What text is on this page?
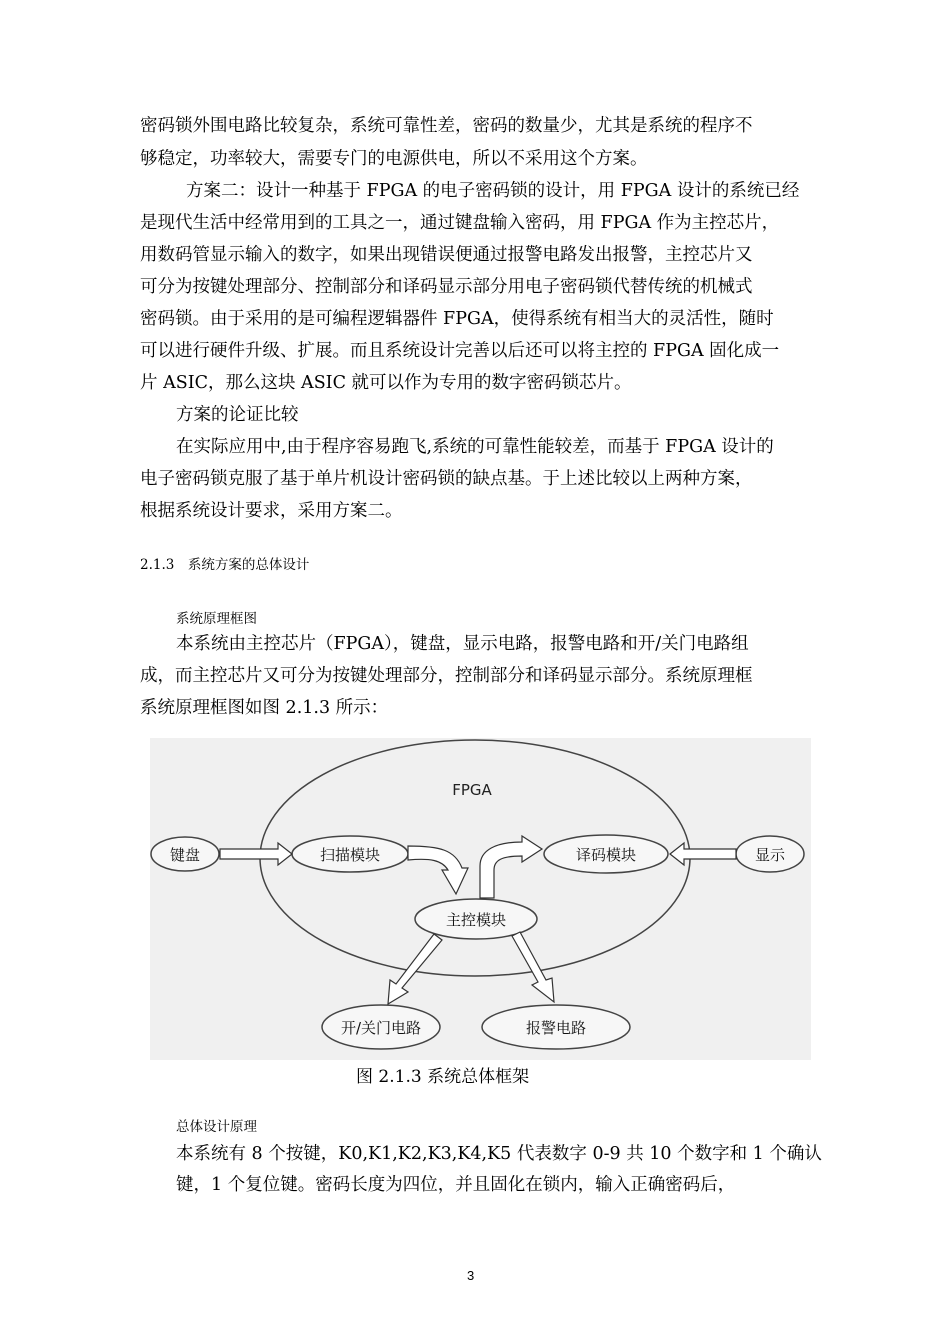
密码锁外围电路比较复杂，系统可靠性差，密码的数量少，尤其是系统的程序不
够稳定，功率较大，需要专门的电源供电，所以不采用这个方案。
方案二：设计一种基于 FPGA 的电子密码锁的设计，用 FPGA 设计的系统已经
是现代生活中经常用到的工具之一，通过键盘输入密码，用 FPGA 作为主控芯片，
用数码管显示输入的数字，如果出现错误便通过报警电路发出报警，主控芯片又
可分为按键处理部分、控制部分和译码显示部分用电子密码锁代替传统的机械式
密码锁。由于采用的是可编程逻辑器件 FPGA，使得系统有相当大的灵活性，随时
可以进行硬件升级、扩展。而且系统设计完善以后还可以将主控的 FPGA 固化成一
片 ASIC，那么这块 ASIC 就可以作为专用的数字密码锁芯片。
方案的论证比较
在实际应用中,由于程序容易跑飞,系统的可靠性能较差，而基于 FPGA 设计的
电子密码锁克服了基于单片机设计密码锁的缺点基。于上述比较以上两种方案，
根据系统设计要求，采用方案二。
2.1.3　系统方案的总体设计
系统原理框图
本系统由主控芯片（FPGA），键盘，显示电路，报警电路和开/关门电路组
成，而主控芯片又可分为按键处理部分，控制部分和译码显示部分。系统原理框
系统原理框图如图 2.1.3 所示：
FPGA
键盘	扫描模块	译码模块	显示
主控模块
开/关门电路	报警电路
图 2.1.3 系统总体框架
总体设计原理
本系统有 8 个按键，K0,K1,K2,K3,K4,K5 代表数字 0-9 共 10 个数字和 1 个确认
键，1 个复位键。密码长度为四位，并且固化在锁内，输入正确密码后，
3
